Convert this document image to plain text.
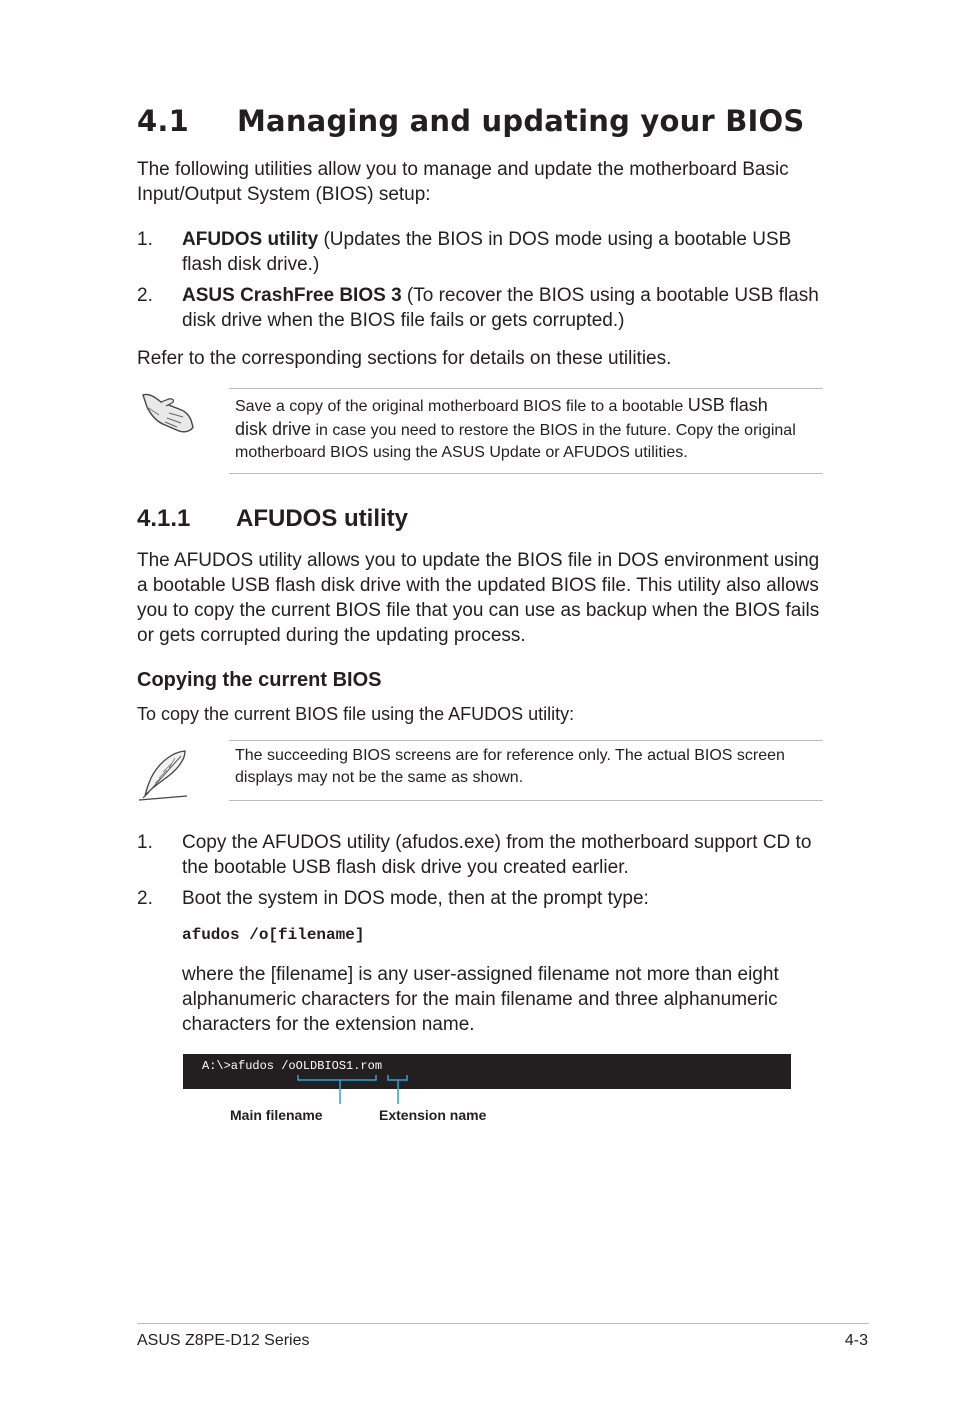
4.1 Managing and updating your BIOS
The following utilities allow you to manage and update the motherboard Basic
Input/Output System (BIOS) setup:
1. AFUDOS utility (Updates the BIOS in DOS mode using a bootable USB
flash disk drive.)
2. ASUS CrashFree BIOS 3 (To recover the BIOS using a bootable USB flash
disk drive when the BIOS file fails or gets corrupted.)
Refer to the corresponding sections for details on these utilities.
Save a copy of the original motherboard BIOS file to a bootable USB flash
disk drive in case you need to restore the BIOS in the future. Copy the original
motherboard BIOS using the ASUS Update or AFUDOS utilities.
4.1.1 AFUDOS utility
The AFUDOS utility allows you to update the BIOS file in DOS environment using
a bootable USB flash disk drive with the updated BIOS file. This utility also allows
you to copy the current BIOS file that you can use as backup when the BIOS fails
or gets corrupted during the updating process.
Copying the current BIOS
To copy the current BIOS file using the AFUDOS utility:
The succeeding BIOS screens are for reference only. The actual BIOS screen
displays may not be the same as shown.
1. Copy the AFUDOS utility (afudos.exe) from the motherboard support CD to
the bootable USB flash disk drive you created earlier.
2. Boot the system in DOS mode, then at the prompt type:
afudos /o[filename]
where the [filename] is any user-assigned filename not more than eight
alphanumeric characters for the main filename and three alphanumeric
characters for the extension name.
A:\>afudos /oOLDBIOS1.rom
Main filename	Extension name
ASUS Z8PE-D12 Series	4-3
